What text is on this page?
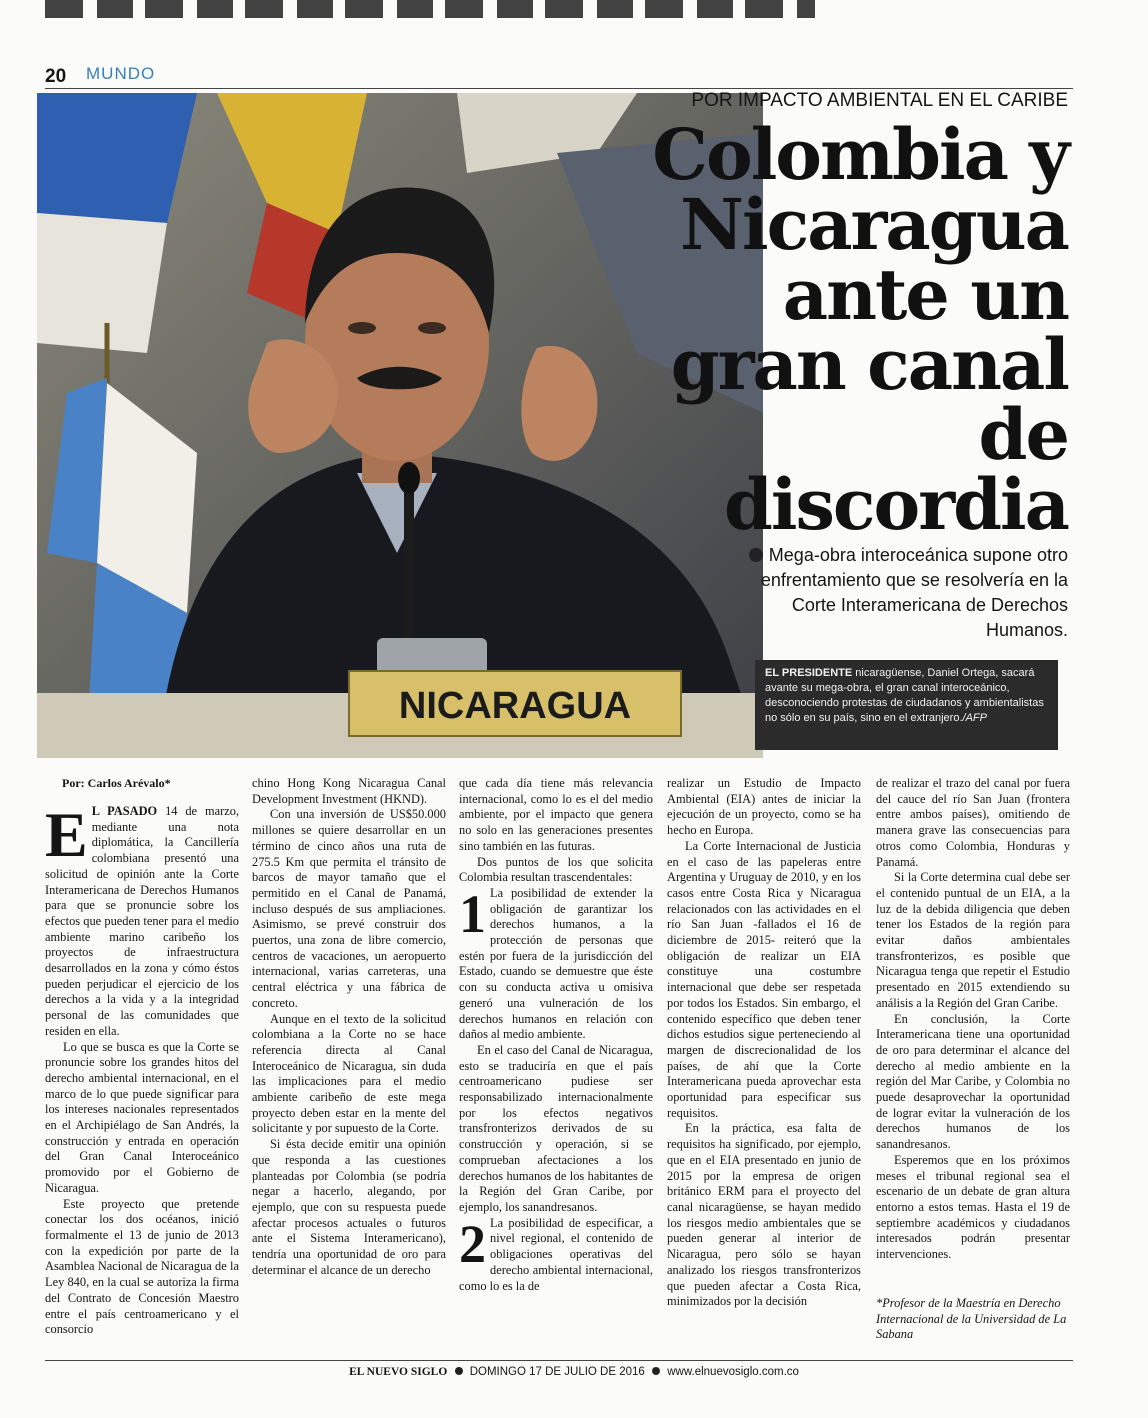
20 MUNDO
NICARAGUA
POR IMPACTO AMBIENTAL EN EL CARIBE
Colombia y
Nicaragua
ante un
gran canal
de discordia
Mega-obra interoceánica supone otro enfrentamiento que se resolvería en la Corte Interamericana de Derechos Humanos.
EL PRESIDENTE nicaragüense, Daniel Ortega, sacará avante su mega-obra, el gran canal interoceánico, desconociendo protestas de ciudadanos y ambientalistas no sólo en su país, sino en el extranjero./AFP
Por: Carlos Arévalo*

E L PASADO 14 de marzo, mediante una nota diplomática, la Cancillería colombiana presentó una solicitud de opinión ante la Corte Interamericana de Derechos Humanos para que se pronuncie sobre los efectos que pueden tener para el medio ambiente marino caribeño los proyectos de infraestructura desarrollados en la zona y cómo éstos pueden perjudicar el ejercicio de los derechos a la vida y a la integridad personal de las comunidades que residen en ella.

Lo que se busca es que la Corte se pronuncie sobre los grandes hitos del derecho ambiental internacional, en el marco de lo que puede significar para los intereses nacionales representados en el Archipiélago de San Andrés, la construcción y entrada en operación del Gran Canal Interoceánico promovido por el Gobierno de Nicaragua.

Este proyecto que pretende conectar los dos océanos, inició formalmente el 13 de junio de 2013 con la expedición por parte de la Asamblea Nacional de Nicaragua de la Ley 840, en la cual se autoriza la firma del Contrato de Concesión Maestro entre el país centroamericano y el consorcio

chino Hong Kong Nicaragua Canal Development Investment (HKND).

Con una inversión de US$50.000 millones se quiere desarrollar en un término de cinco años una ruta de 275.5 Km que permita el tránsito de barcos de mayor tamaño que el permitido en el Canal de Panamá, incluso después de sus ampliaciones. Asimismo, se prevé construir dos puertos, una zona de libre comercio, centros de vacaciones, un aeropuerto internacional, varias carreteras, una central eléctrica y una fábrica de concreto.

Aunque en el texto de la solicitud colombiana a la Corte no se hace referencia directa al Canal Interoceánico de Nicaragua, sin duda las implicaciones para el medio ambiente caribeño de este mega proyecto deben estar en la mente del solicitante y por supuesto de la Corte.

Si ésta decide emitir una opinión que responda a las cuestiones planteadas por Colombia (se podría negar a hacerlo, alegando, por ejemplo, que con su respuesta puede afectar procesos actuales o futuros ante el Sistema Interamericano), tendría una oportunidad de oro para determinar el alcance de un derecho

que cada día tiene más relevancia internacional, como lo es el del medio ambiente, por el impacto que genera no solo en las generaciones presentes sino también en las futuras.

Dos puntos de los que solicita Colombia resultan trascendentales:

1 La posibilidad de extender la obligación de garantizar los derechos humanos, a la protección de personas que estén por fuera de la jurisdicción del Estado, cuando se demuestre que éste con su conducta activa u omisiva generó una vulneración de los derechos humanos en relación con daños al medio ambiente.

En el caso del Canal de Nicaragua, esto se traduciría en que el país centroamericano pudiese ser responsabilizado internacionalmente por los efectos negativos transfronterizos derivados de su construcción y operación, si se comprueban afectaciones a los derechos humanos de los habitantes de la Región del Gran Caribe, por ejemplo, los sanandresanos.

2 La posibilidad de especificar, a nivel regional, el contenido de obligaciones operativas del derecho ambiental internacional, como lo es la de

realizar un Estudio de Impacto Ambiental (EIA) antes de iniciar la ejecución de un proyecto, como se ha hecho en Europa.

La Corte Internacional de Justicia en el caso de las papeleras entre Argentina y Uruguay de 2010, y en los casos entre Costa Rica y Nicaragua relacionados con las actividades en el río San Juan -fallados el 16 de diciembre de 2015- reiteró que la obligación de realizar un EIA constituye una costumbre internacional que debe ser respetada por todos los Estados. Sin embargo, el contenido específico que deben tener dichos estudios sigue perteneciendo al margen de discrecionalidad de los países, de ahí que la Corte Interamericana pueda aprovechar esta oportunidad para especificar sus requisitos.

En la práctica, esa falta de requisitos ha significado, por ejemplo, que en el EIA presentado en junio de 2015 por la empresa de origen británico ERM para el proyecto del canal nicaragüense, se hayan medido los riesgos medio ambientales que se pueden generar al interior de Nicaragua, pero sólo se hayan analizado los riesgos transfronterizos que pueden afectar a Costa Rica, minimizados por la decisión

de realizar el trazo del canal por fuera del cauce del río San Juan (frontera entre ambos países), omitiendo de manera grave las consecuencias para otros como Colombia, Honduras y Panamá.

Si la Corte determina cual debe ser el contenido puntual de un EIA, a la luz de la debida diligencia que deben tener los Estados de la región para evitar daños ambientales transfronterizos, es posible que Nicaragua tenga que repetir el Estudio presentado en 2015 extendiendo su análisis a la Región del Gran Caribe.

En conclusión, la Corte Interamericana tiene una oportunidad de oro para determinar el alcance del derecho al medio ambiente en la región del Mar Caribe, y Colombia no puede desaprovechar la oportunidad de lograr evitar la vulneración de los derechos humanos de los sanandresanos.

Esperemos que en los próximos meses el tribunal regional sea el escenario de un debate de gran altura entorno a estos temas. Hasta el 19 de septiembre académicos y ciudadanos interesados podrán presentar intervenciones.

*Profesor de la Maestría en Derecho Internacional de la Universidad de La Sabana
EL NUEVO SIGLO DOMINGO 17 DE JULIO DE 2016 www.elnuevosiglo.com.co
